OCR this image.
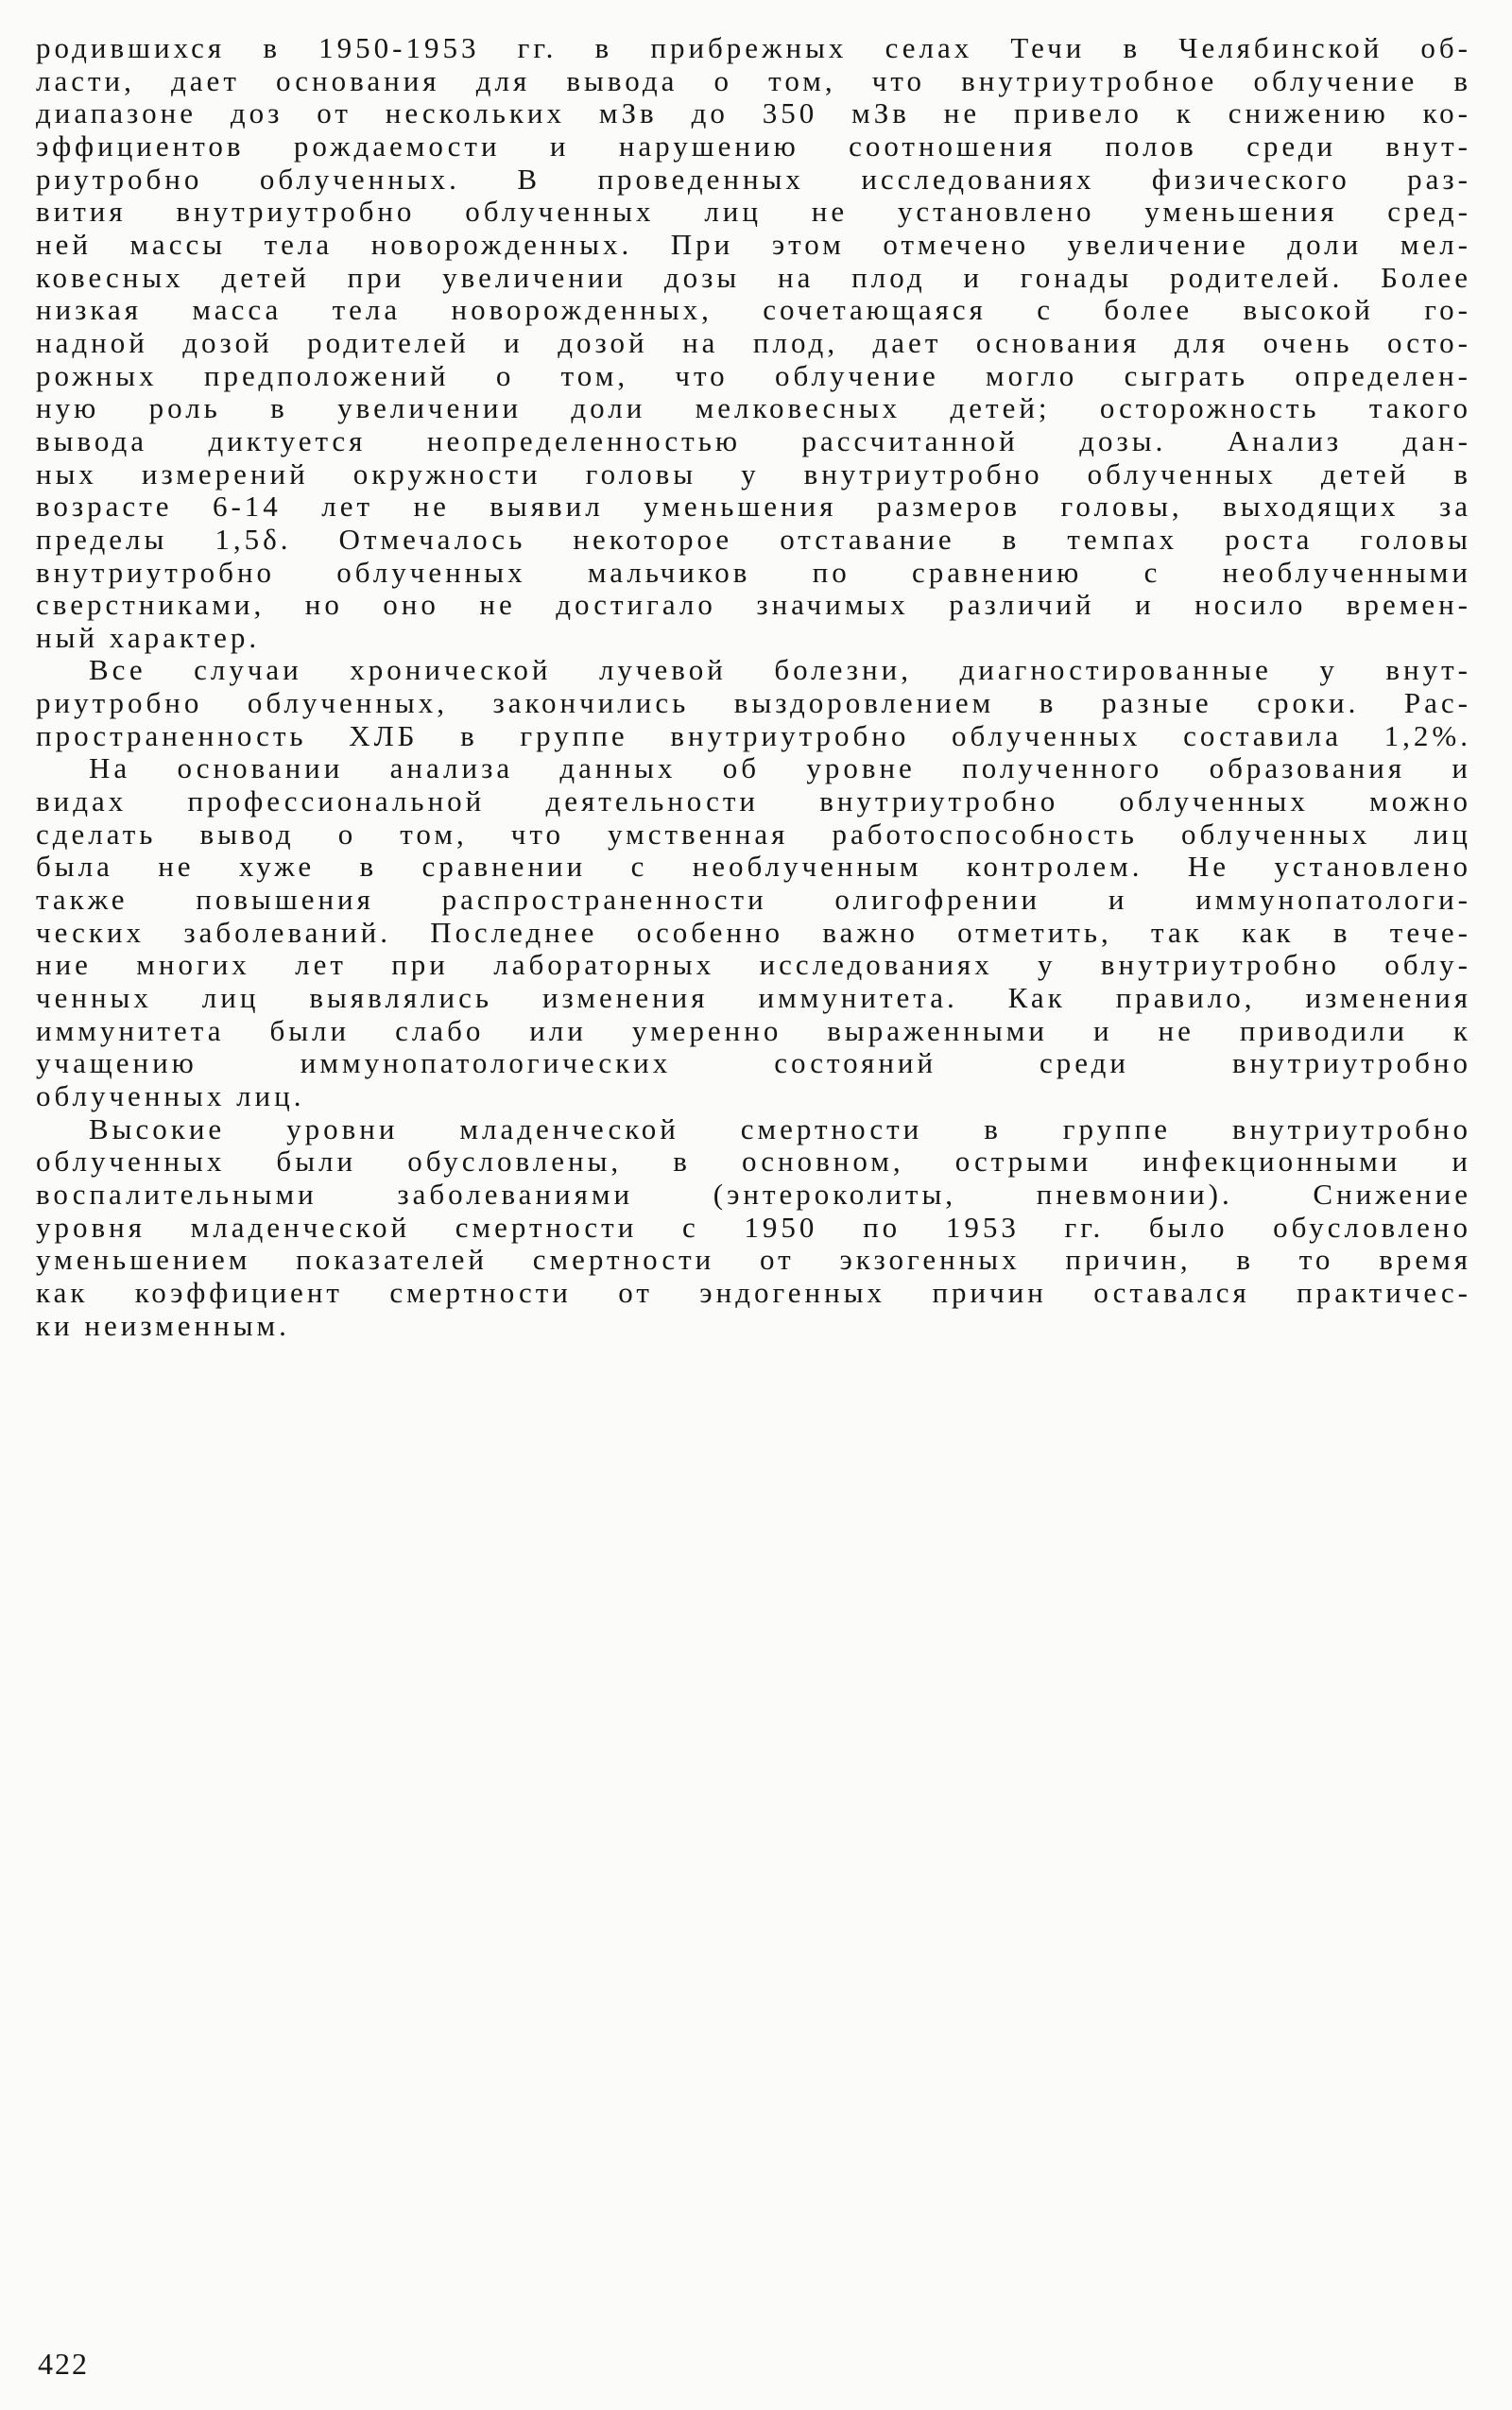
родившихся в 1950-1953 гг. в прибрежных селах Течи в Челябинской об-
ласти, дает основания для вывода о том, что внутриутробное облучение в
диапазоне доз от нескольких мЗв до 350 мЗв не привело к снижению ко-
эффициентов рождаемости и нарушению соотношения полов среди внут-
риутробно облученных. В проведенных исследованиях физического раз-
вития внутриутробно облученных лиц не установлено уменьшения сред-
ней массы тела новорожденных. При этом отмечено увеличение доли мел-
ковесных детей при увеличении дозы на плод и гонады родителей. Более
низкая масса тела новорожденных, сочетающаяся с более высокой го-
надной дозой родителей и дозой на плод, дает основания для очень осто-
рожных предположений о том, что облучение могло сыграть определен-
ную роль в увеличении доли мелковесных детей; осторожность такого
вывода диктуется неопределенностью рассчитанной дозы. Анализ дан-
ных измерений окружности головы у внутриутробно облученных детей в
возрасте 6-14 лет не выявил уменьшения размеров головы, выходящих за
пределы 1,5δ. Отмечалось некоторое отставание в темпах роста головы
внутриутробно облученных мальчиков по сравнению с необлученными
сверстниками, но оно не достигало значимых различий и носило времен-
ный характер.

Все случаи хронической лучевой болезни, диагностированные у внут-
риутробно облученных, закончились выздоровлением в разные сроки. Рас-
пространенность ХЛБ в группе внутриутробно облученных составила 1,2%.

На основании анализа данных об уровне полученного образования и
видах профессиональной деятельности внутриутробно облученных можно
сделать вывод о том, что умственная работоспособность облученных лиц
была не хуже в сравнении с необлученным контролем. Не установлено
также повышения распространенности олигофрении и иммунопатологи-
ческих заболеваний. Последнее особенно важно отметить, так как в тече-
ние многих лет при лабораторных исследованиях у внутриутробно облу-
ченных лиц выявлялись изменения иммунитета. Как правило, изменения
иммунитета были слабо или умеренно выраженными и не приводили к
учащению иммунопатологических состояний среди внутриутробно
облученных лиц.

Высокие уровни младенческой смертности в группе внутриутробно
облученных были обусловлены, в основном, острыми инфекционными и
воспалительными заболеваниями (энтероколиты, пневмонии). Снижение
уровня младенческой смертности с 1950 по 1953 гг. было обусловлено
уменьшением показателей смертности от экзогенных причин, в то время
как коэффициент смертности от эндогенных причин оставался практичес-
ки неизменным.

422
